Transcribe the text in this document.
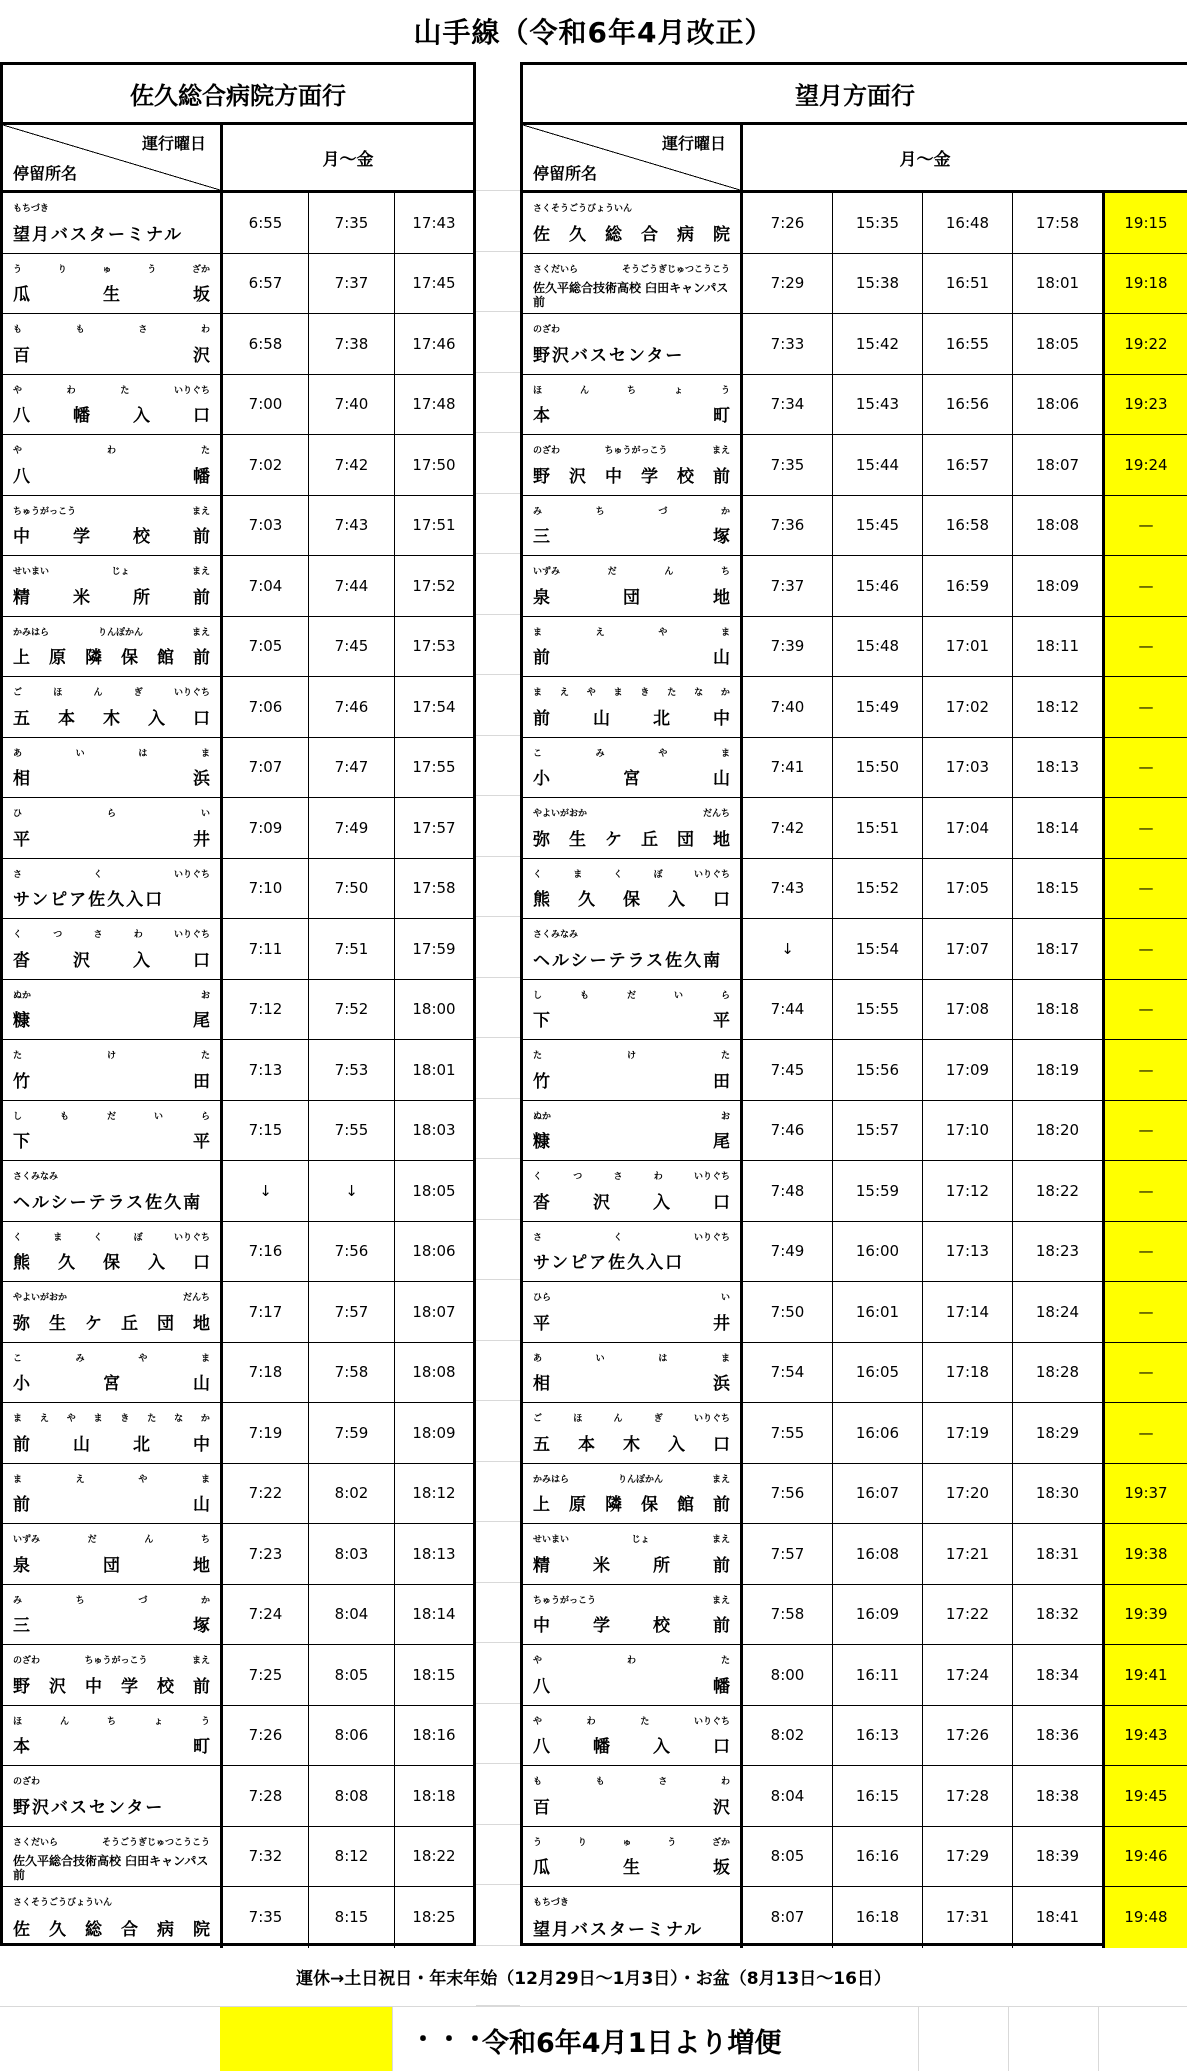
山手線（令和6年4月改正）
佐久総合病院方面行
運行曜日
停留所名
月～金
もちづき
望月バスターミナル
6:55	7:35	17:43
う	り	ゅ	う	ざか
瓜	生	坂
6:57	7:37	17:45
も	も	さ	わ
百	沢
6:58	7:38	17:46
や	わ	た	いりぐち
八	幡	入	口
7:00	7:40	17:48
や	わ	た
八	幡
7:02	7:42	17:50
ちゅうがっこう	まえ
中	学	校	前
7:03	7:43	17:51
せいまい	じょ	まえ
精	米	所	前
7:04	7:44	17:52
かみはら	りんぽかん	まえ
上 原 隣 保 館 前
7:05	7:45	17:53
ご	ほ	ん	ぎ	いりぐち
五 本 木 入 口
7:06	7:46	17:54
あ	い	は	ま
相	浜
7:07	7:47	17:55
ひ	ら	い
平	井
7:09	7:49	17:57
さ	く	いりぐち
サンピア佐久入口
7:10	7:50	17:58
く	つ	さ	わ	いりぐち
沓	沢	入	口
7:11	7:51	17:59
ぬか	お
糠	尾
7:12	7:52	18:00
た	け	た
竹	田
7:13	7:53	18:01
し	も	だ	い	ら
下	平
7:15	7:55	18:03
さくみなみ
ヘルシーテラス佐久南
↓	↓	18:05
く	ま	く	ぼ	いりぐち
熊 久 保 入 口
7:16	7:56	18:06
やよいがおか	だんち
弥 生 ケ 丘 団 地
7:17	7:57	18:07
こ	み	や	ま
小	宮	山
7:18	7:58	18:08
ま え や ま き た な か
前	山	北	中
7:19	7:59	18:09
ま	え	や	ま
前	山
7:22	8:02	18:12
いずみ	だ	ん	ち
泉	団	地
7:23	8:03	18:13
み	ち	づ	か
三	塚
7:24	8:04	18:14
のざわ	ちゅうがっこう	まえ
野 沢 中 学 校 前
7:25	8:05	18:15
ほ	ん	ち	ょ	う
本	町
7:26	8:06	18:16
のざわ
野沢バスセンター
7:28	8:08	18:18
さくだいら	そうごうぎじゅつこうこう
佐久平総合技術高校 臼田キャンパス前
7:32	8:12	18:22
さくそうごうびょういん
佐 久 総 合 病 院
7:35	8:15	18:25
望月方面行
運行曜日
停留所名
月～金
さくそうごうびょういん
佐 久 総 合 病 院
7:26	15:35	16:48	17:58	19:15
さくだいら	そうごうぎじゅつこうこう
佐久平総合技術高校 臼田キャンパス前
7:29	15:38	16:51	18:01	19:18
のざわ
野沢バスセンター
7:33	15:42	16:55	18:05	19:22
ほ	ん	ち	ょ	う
本	町
7:34	15:43	16:56	18:06	19:23
のざわ	ちゅうがっこう	まえ
野 沢 中 学 校 前
7:35	15:44	16:57	18:07	19:24
み	ち	づ	か
三	塚
7:36	15:45	16:58	18:08	—
いずみ	だ	ん	ち
泉	団	地
7:37	15:46	16:59	18:09	—
ま	え	や	ま
前	山
7:39	15:48	17:01	18:11	—
ま え や ま き た な か
前	山	北	中
7:40	15:49	17:02	18:12	—
こ	み	や	ま
小	宮	山
7:41	15:50	17:03	18:13	—
やよいがおか	だんち
弥 生 ケ 丘 団 地
7:42	15:51	17:04	18:14	—
く	ま	く	ぼ	いりぐち
熊 久 保 入 口
7:43	15:52	17:05	18:15	—
さくみなみ
ヘルシーテラス佐久南
↓	15:54	17:07	18:17	—
し	も	だ	い	ら
下	平
7:44	15:55	17:08	18:18	—
た	け	た
竹	田
7:45	15:56	17:09	18:19	—
ぬか	お
糠	尾
7:46	15:57	17:10	18:20	—
く	つ	さ	わ	いりぐち
沓	沢	入	口
7:48	15:59	17:12	18:22	—
さ	く	いりぐち
サンピア佐久入口
7:49	16:00	17:13	18:23	—
ひら	い
平	井
7:50	16:01	17:14	18:24	—
あ	い	は	ま
相	浜
7:54	16:05	17:18	18:28	—
ご	ほ	ん	ぎ	いりぐち
五 本 木 入 口
7:55	16:06	17:19	18:29	—
かみはら	りんぽかん	まえ
上 原 隣 保 館 前
7:56	16:07	17:20	18:30	19:37
せいまい	じょ	まえ
精	米	所	前
7:57	16:08	17:21	18:31	19:38
ちゅうがっこう	まえ
中	学	校	前
7:58	16:09	17:22	18:32	19:39
や	わ	た
八	幡
8:00	16:11	17:24	18:34	19:41
や	わ	た	いりぐち
八	幡	入	口
8:02	16:13	17:26	18:36	19:43
も	も	さ	わ
百	沢
8:04	16:15	17:28	18:38	19:45
う	り	ゅ	う	ざか
瓜	生	坂
8:05	16:16	17:29	18:39	19:46
もちづき
望月バスターミナル
8:07	16:18	17:31	18:41	19:48
運休→土日祝日・年末年始（12月29日～1月3日）・お盆（8月13日～16日）
・・・
令和6年4月1日より増便
